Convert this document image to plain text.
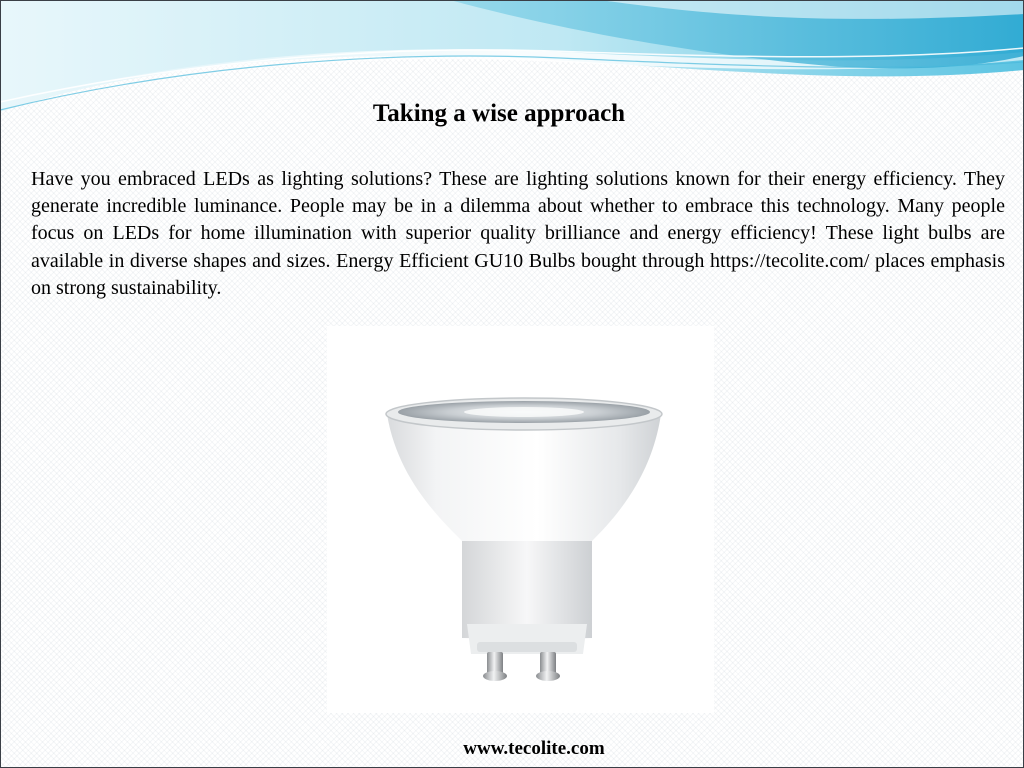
Taking a wise approach

Have you embraced LEDs as lighting solutions? These are lighting solutions known for their energy efficiency. They generate incredible luminance. People may be in a dilemma about whether to embrace this technology. Many people focus on LEDs for home illumination with superior quality brilliance and energy efficiency! These light bulbs are available in diverse shapes and sizes. Energy Efficient GU10 Bulbs bought through https://tecolite.com/ places emphasis on strong sustainability.

www.tecolite.com
